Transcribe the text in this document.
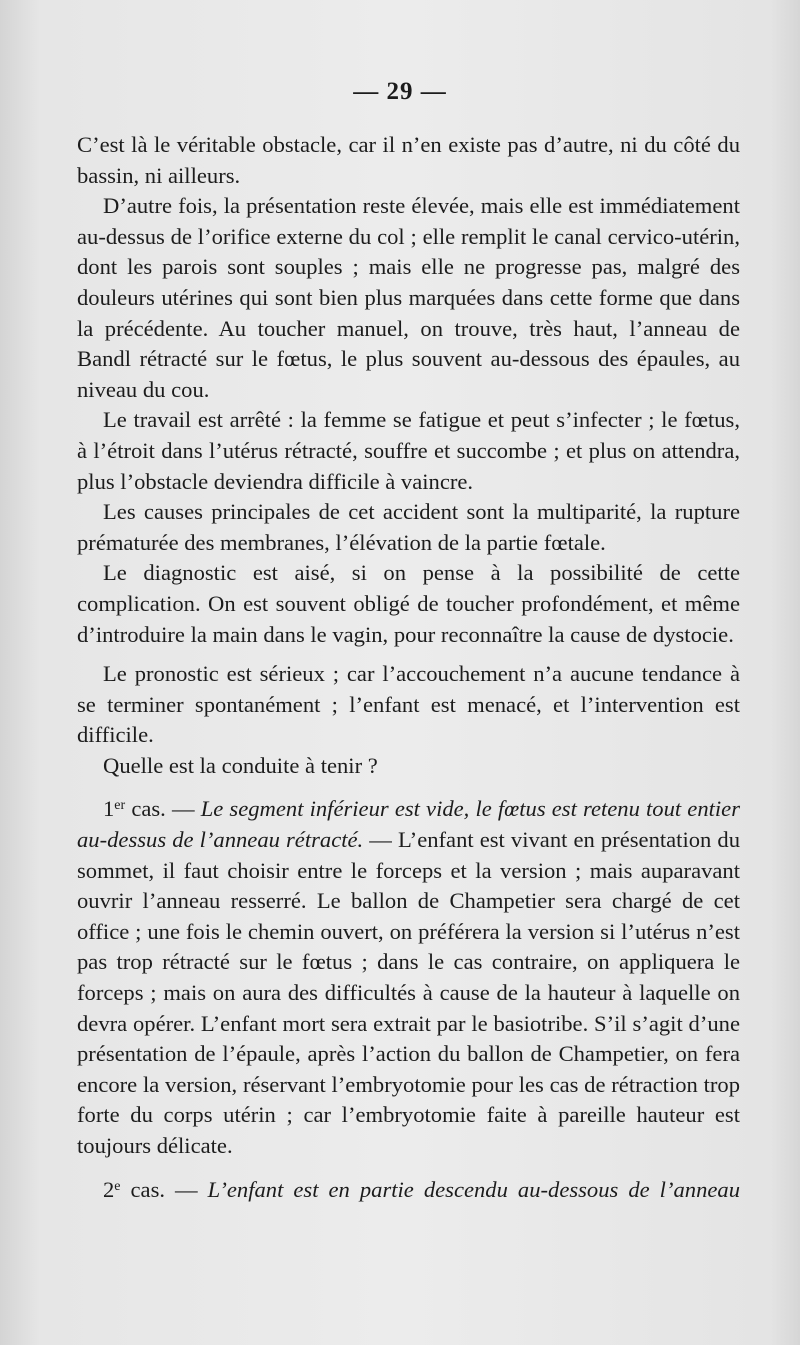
— 29 —

C’est là le véritable obstacle, car il n’en existe pas d’autre, ni du côté du bassin, ni ailleurs.

D’autre fois, la présentation reste élevée, mais elle est immédiatement au-dessus de l’orifice externe du col ; elle remplit le canal cervico-utérin, dont les parois sont souples ; mais elle ne progresse pas, malgré des douleurs utérines qui sont bien plus marquées dans cette forme que dans la précédente. Au toucher manuel, on trouve, très haut, l’anneau de Bandl rétracté sur le fœtus, le plus souvent au-dessous des épaules, au niveau du cou.

Le travail est arrêté : la femme se fatigue et peut s’infecter ; le fœtus, à l’étroit dans l’utérus rétracté, souffre et succombe ; et plus on attendra, plus l’obstacle deviendra difficile à vaincre.

Les causes principales de cet accident sont la multiparité, la rupture prématurée des membranes, l’élévation de la partie fœtale.

Le diagnostic est aisé, si on pense à la possibilité de cette complication. On est souvent obligé de toucher profondément, et même d’introduire la main dans le vagin, pour reconnaître la cause de dystocie.

Le pronostic est sérieux ; car l’accouchement n’a aucune tendance à se terminer spontanément ; l’enfant est menacé, et l’intervention est difficile.

Quelle est la conduite à tenir ?

1er cas. — Le segment inférieur est vide, le fœtus est retenu tout entier au-dessus de l’anneau rétracté. — L’enfant est vivant en présentation du sommet, il faut choisir entre le forceps et la version ; mais auparavant ouvrir l’anneau resserré. Le ballon de Champetier sera chargé de cet office ; une fois le chemin ouvert, on préférera la version si l’utérus n’est pas trop rétracté sur le fœtus ; dans le cas contraire, on appliquera le forceps ; mais on aura des difficultés à cause de la hauteur à laquelle on devra opérer. L’enfant mort sera extrait par le basiotribe. S’il s’agit d’une présentation de l’épaule, après l’action du ballon de Champetier, on fera encore la version, réservant l’embryotomie pour les cas de rétraction trop forte du corps utérin ; car l’embryotomie faite à pareille hauteur est toujours délicate.

2e cas. — L’enfant est en partie descendu au-dessous de l’anneau
